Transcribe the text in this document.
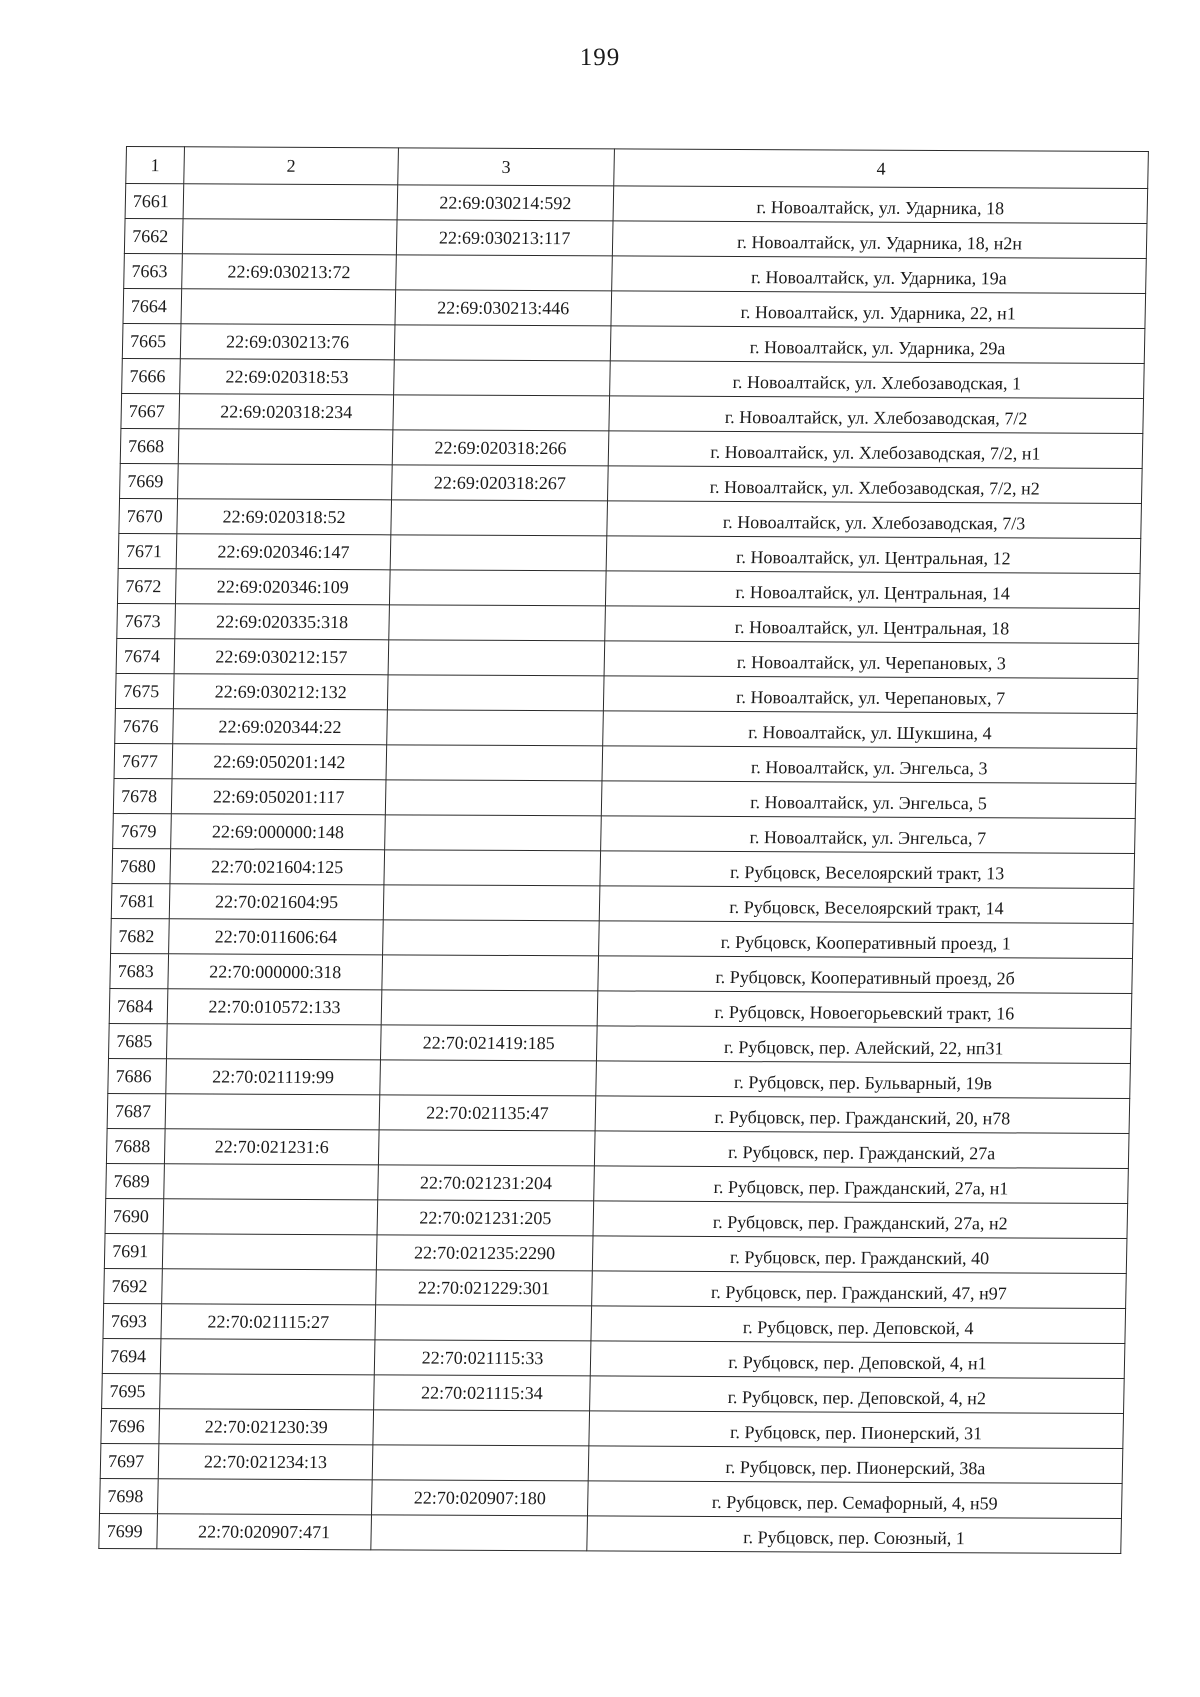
199
1	2	3	4
7661		22:69:030214:592	г. Новоалтайск, ул. Ударника, 18
7662		22:69:030213:117	г. Новоалтайск, ул. Ударника, 18, н2н
7663	22:69:030213:72		г. Новоалтайск, ул. Ударника, 19а
7664		22:69:030213:446	г. Новоалтайск, ул. Ударника, 22, н1
7665	22:69:030213:76		г. Новоалтайск, ул. Ударника, 29а
7666	22:69:020318:53		г. Новоалтайск, ул. Хлебозаводская, 1
7667	22:69:020318:234		г. Новоалтайск, ул. Хлебозаводская, 7/2
7668		22:69:020318:266	г. Новоалтайск, ул. Хлебозаводская, 7/2, н1
7669		22:69:020318:267	г. Новоалтайск, ул. Хлебозаводская, 7/2, н2
7670	22:69:020318:52		г. Новоалтайск, ул. Хлебозаводская, 7/3
7671	22:69:020346:147		г. Новоалтайск, ул. Центральная, 12
7672	22:69:020346:109		г. Новоалтайск, ул. Центральная, 14
7673	22:69:020335:318		г. Новоалтайск, ул. Центральная, 18
7674	22:69:030212:157		г. Новоалтайск, ул. Черепановых, 3
7675	22:69:030212:132		г. Новоалтайск, ул. Черепановых, 7
7676	22:69:020344:22		г. Новоалтайск, ул. Шукшина, 4
7677	22:69:050201:142		г. Новоалтайск, ул. Энгельса, 3
7678	22:69:050201:117		г. Новоалтайск, ул. Энгельса, 5
7679	22:69:000000:148		г. Новоалтайск, ул. Энгельса, 7
7680	22:70:021604:125		г. Рубцовск, Веселоярский тракт, 13
7681	22:70:021604:95		г. Рубцовск, Веселоярский тракт, 14
7682	22:70:011606:64		г. Рубцовск, Кооперативный проезд, 1
7683	22:70:000000:318		г. Рубцовск, Кооперативный проезд, 2б
7684	22:70:010572:133		г. Рубцовск, Новоегорьевский тракт, 16
7685		22:70:021419:185	г. Рубцовск, пер. Алейский, 22, нп31
7686	22:70:021119:99		г. Рубцовск, пер. Бульварный, 19в
7687		22:70:021135:47	г. Рубцовск, пер. Гражданский, 20, н78
7688	22:70:021231:6		г. Рубцовск, пер. Гражданский, 27а
7689		22:70:021231:204	г. Рубцовск, пер. Гражданский, 27а, н1
7690		22:70:021231:205	г. Рубцовск, пер. Гражданский, 27а, н2
7691		22:70:021235:2290	г. Рубцовск, пер. Гражданский, 40
7692		22:70:021229:301	г. Рубцовск, пер. Гражданский, 47, н97
7693	22:70:021115:27		г. Рубцовск, пер. Деповской, 4
7694		22:70:021115:33	г. Рубцовск, пер. Деповской, 4, н1
7695		22:70:021115:34	г. Рубцовск, пер. Деповской, 4, н2
7696	22:70:021230:39		г. Рубцовск, пер. Пионерский, 31
7697	22:70:021234:13		г. Рубцовск, пер. Пионерский, 38а
7698		22:70:020907:180	г. Рубцовск, пер. Семафорный, 4, н59
7699	22:70:020907:471		г. Рубцовск, пер. Союзный, 1
